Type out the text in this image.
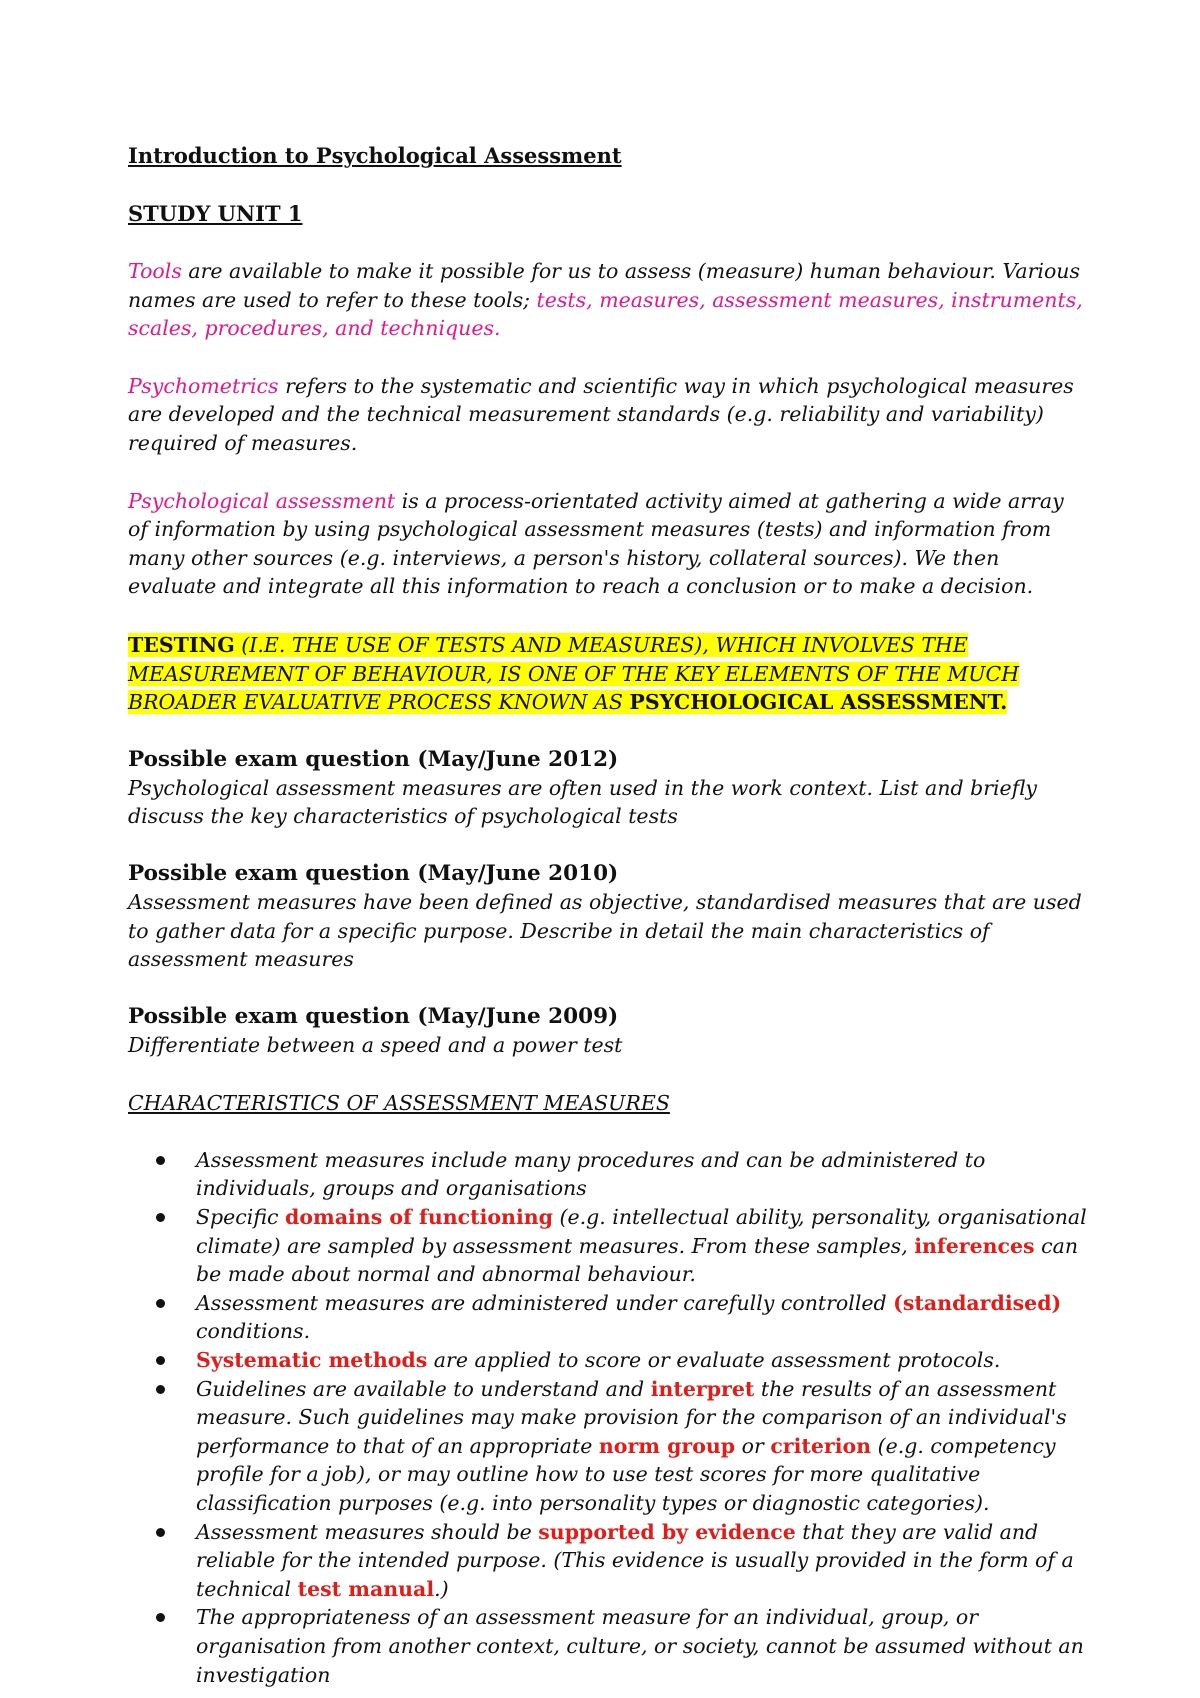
Introduction to Psychological Assessment

STUDY UNIT 1

Tools are available to make it possible for us to assess (measure) human behaviour. Various names are used to refer to these tools; tests, measures, assessment measures, instruments, scales, procedures, and techniques.

Psychometrics refers to the systematic and scientific way in which psychological measures are developed and the technical measurement standards (e.g. reliability and variability) required of measures.

Psychological assessment is a process-orientated activity aimed at gathering a wide array of information by using psychological assessment measures (tests) and information from many other sources (e.g. interviews, a person's history, collateral sources). We then evaluate and integrate all this information to reach a conclusion or to make a decision.

TESTING (I.E. THE USE OF TESTS AND MEASURES), WHICH INVOLVES THE MEASUREMENT OF BEHAVIOUR, IS ONE OF THE KEY ELEMENTS OF THE MUCH BROADER EVALUATIVE PROCESS KNOWN AS PSYCHOLOGICAL ASSESSMENT.

Possible exam question (May/June 2012)

Psychological assessment measures are often used in the work context. List and briefly discuss the key characteristics of psychological tests

Possible exam question (May/June 2010)

Assessment measures have been defined as objective, standardised measures that are used to gather data for a specific purpose. Describe in detail the main characteristics of assessment measures

Possible exam question (May/June 2009)

Differentiate between a speed and a power test

CHARACTERISTICS OF ASSESSMENT MEASURES

Assessment measures include many procedures and can be administered to individuals, groups and organisations
Specific domains of functioning (e.g. intellectual ability, personality, organisational climate) are sampled by assessment measures. From these samples, inferences can be made about normal and abnormal behaviour.
Assessment measures are administered under carefully controlled (standardised) conditions.
Systematic methods are applied to score or evaluate assessment protocols.
Guidelines are available to understand and interpret the results of an assessment measure. Such guidelines may make provision for the comparison of an individual's performance to that of an appropriate norm group or criterion (e.g. competency profile for a job), or may outline how to use test scores for more qualitative classification purposes (e.g. into personality types or diagnostic categories).
Assessment measures should be supported by evidence that they are valid and reliable for the intended purpose. (This evidence is usually provided in the form of a technical test manual.)
The appropriateness of an assessment measure for an individual, group, or organisation from another context, culture, or society, cannot be assumed without an investigation
